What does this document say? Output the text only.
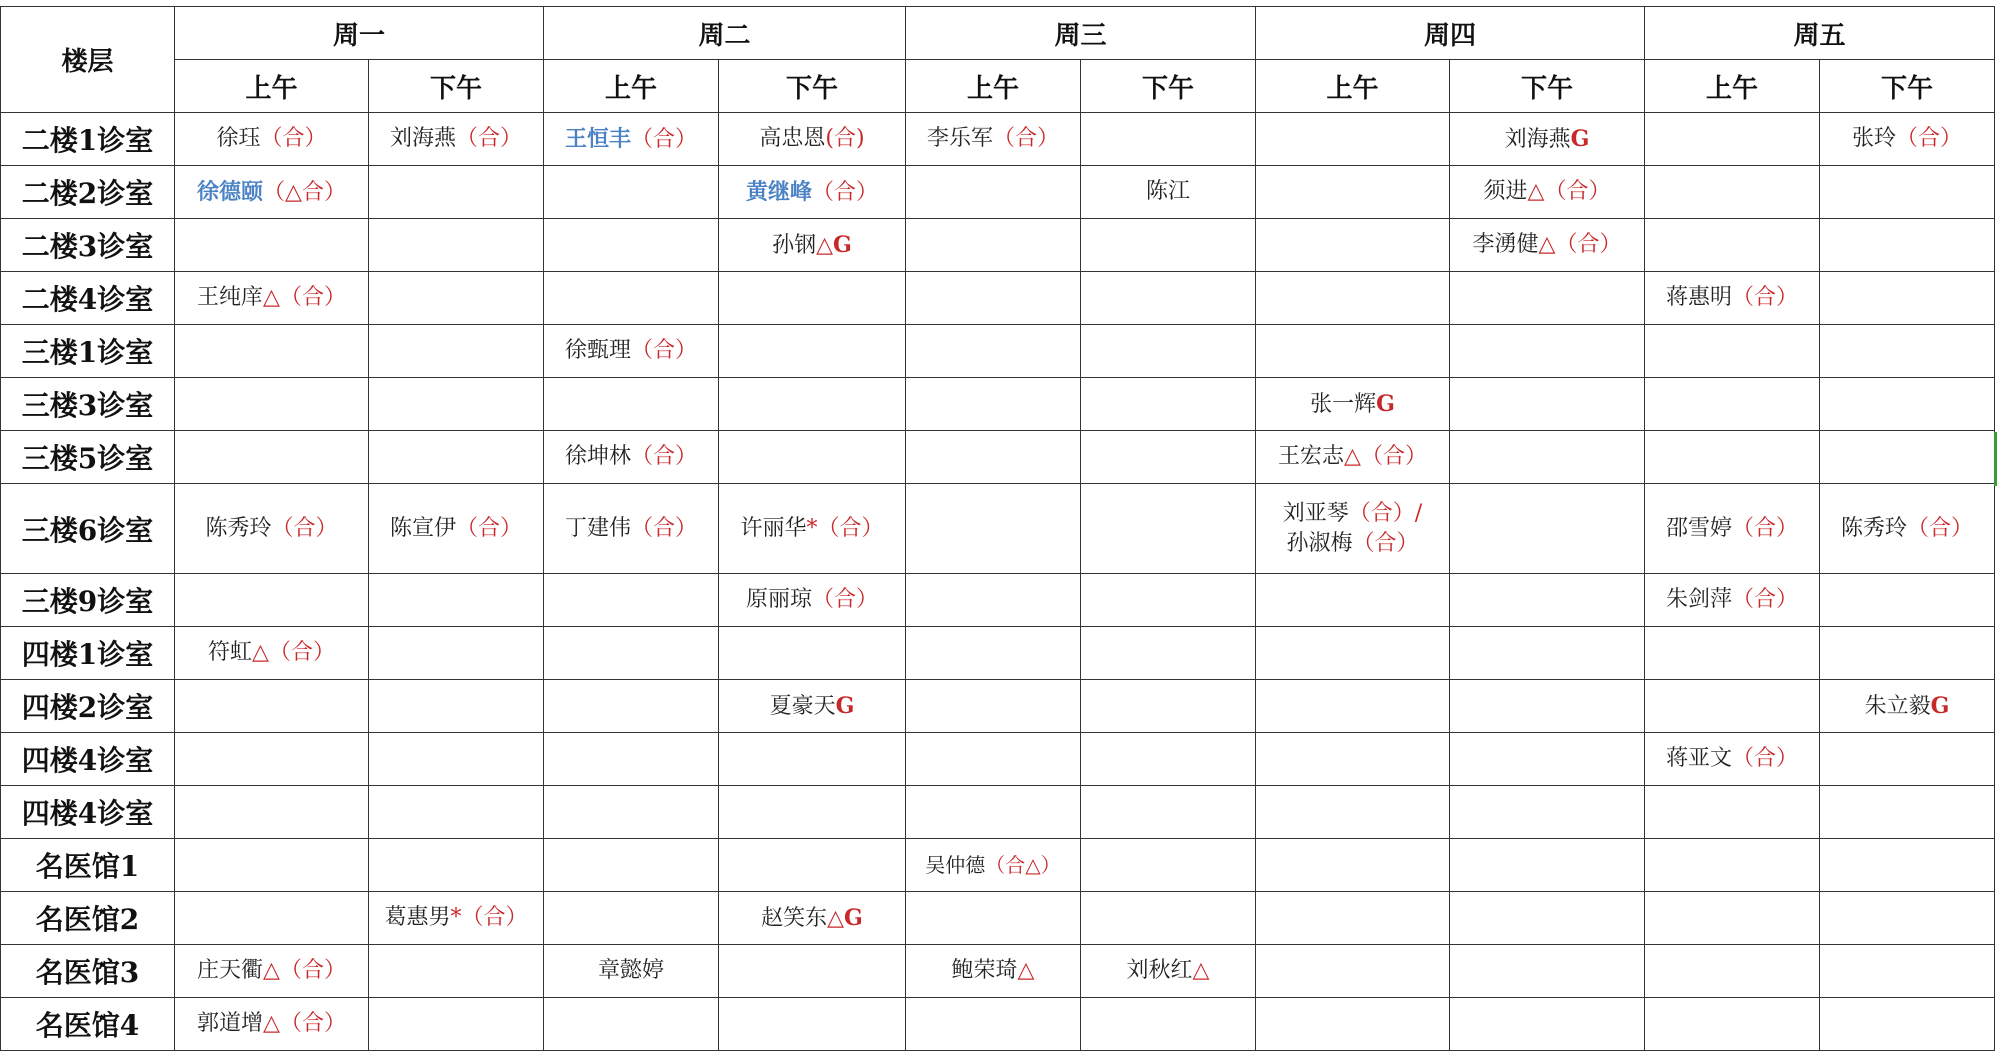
楼层	周一		周二		周三		周四		周五	
	上午	下午	上午	下午	上午	下午	上午	下午	上午	下午
二楼1诊室	徐珏（合）	刘海燕（合）	王恒丰（合）	高忠恩(合)	李乐军（合）			刘海燕G		张玲（合）

二楼2诊室	徐德颐（△合）			黄继峰（合）		陈江		须进△（合）		

二楼3诊室				孙钢△G				李湧健△（合）		

二楼4诊室	王纯庠△（合）								蒋惠明（合）	

三楼1诊室			徐甄理（合）							

三楼3诊室							张一辉G			

三楼5诊室			徐坤林（合）				王宏志△（合）			

三楼6诊室	陈秀玲（合）	陈宣伊（合）	丁建伟（合）	许丽华*（合）			刘亚琴（合）/
孙淑梅（合）		邵雪婷（合）	陈秀玲（合）

三楼9诊室				原丽琼（合）					朱剑萍（合）	

四楼1诊室	符虹△（合）									

四楼2诊室				夏豪天G						朱立毅G

四楼4诊室									蒋亚文（合）	

四楼4诊室										
名医馆1					吴仲德（合△）					

名医馆2		葛惠男*（合）		赵笑东△G						

名医馆3	庄天衢△（合）		章懿婷		鲍荣琦△	刘秋红△				

名医馆4	郭道增△（合）									
